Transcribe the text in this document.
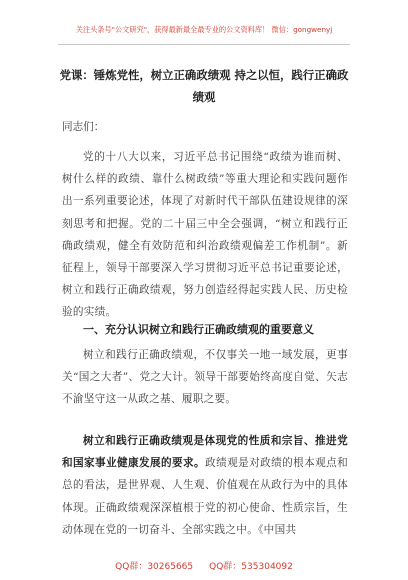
关注头条号"公文研究"，获得最新最全最专业的公文资料库！ 微信：gongwenyj
党课：锤炼党性，树立正确政绩观 持之以恒，践行正确政绩观
同志们：
党的十八大以来，习近平总书记围绕“政绩为谁而树、树什么样的政绩、靠什么树政绩”等重大理论和实践问题作出一系列重要论述，体现了对新时代干部队伍建设规律的深刻思考和把握。党的二十届三中全会强调，“树立和践行正确政绩观，健全有效防范和纠治政绩观偏差工作机制”。新征程上，领导干部要深入学习贯彻习近平总书记重要论述，树立和践行正确政绩观，努力创造经得起实践人民、历史检验的实绩。
一、充分认识树立和践行正确政绩观的重要意义
树立和践行正确政绩观，不仅事关一地一域发展，更事关“国之大者”、党之大计。领导干部要始终高度自觉、矢志不渝坚守这一从政之基、履职之要。
树立和践行正确政绩观是体现党的性质和宗旨、推进党和国家事业健康发展的要求。政绩观是对政绩的根本观点和总的看法，是世界观、人生观、价值观在从政行为中的具体体现。正确政绩观深深植根于党的初心使命、性质宗旨，生动体现在党的一切奋斗、全部实践之中。《中国共
QQ群：30265665 QQ群：535304092
